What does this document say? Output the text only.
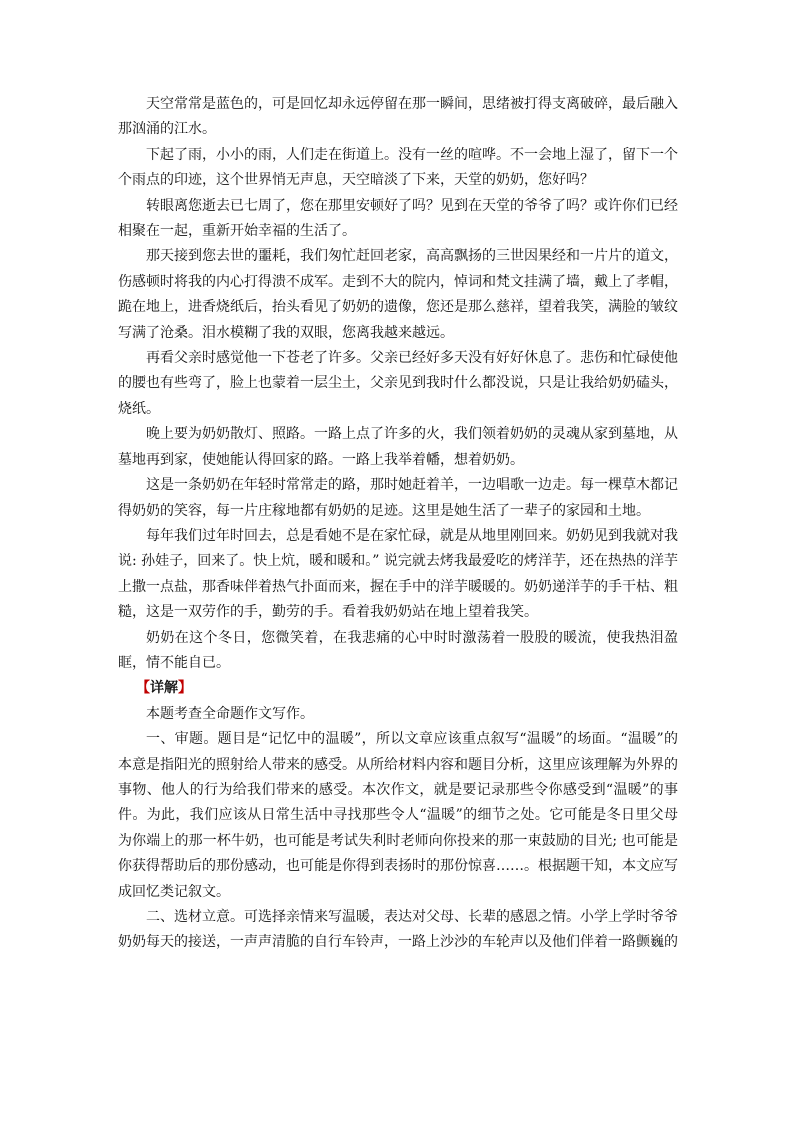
天空常常是蓝色的，可是回忆却永远停留在那一瞬间，思绪被打得支离破碎，最后融入那汹涌的江水。

下起了雨，小小的雨，人们走在街道上。没有一丝的喧哗。不一会地上湿了，留下一个个雨点的印迹，这个世界悄无声息，天空暗淡了下来，天堂的奶奶，您好吗？

转眼离您逝去已七周了，您在那里安顿好了吗？见到在天堂的爷爷了吗？或许你们已经相聚在一起，重新开始幸福的生活了。

那天接到您去世的噩耗，我们匆忙赶回老家，高高飘扬的三世因果经和一片片的道文，伤感顿时将我的内心打得溃不成军。走到不大的院内，悼词和梵文挂满了墙，戴上了孝帽，跪在地上，进香烧纸后，抬头看见了奶奶的遗像，您还是那么慈祥，望着我笑，满脸的皱纹写满了沧桑。泪水模糊了我的双眼，您离我越来越远。

再看父亲时感觉他一下苍老了许多。父亲已经好多天没有好好休息了。悲伤和忙碌使他的腰也有些弯了，脸上也蒙着一层尘土，父亲见到我时什么都没说，只是让我给奶奶磕头，烧纸。

晚上要为奶奶散灯、照路。一路上点了许多的火，我们领着奶奶的灵魂从家到墓地，从墓地再到家，使她能认得回家的路。一路上我举着幡，想着奶奶。

这是一条奶奶在年轻时常常走的路，那时她赶着羊，一边唱歌一边走。每一棵草木都记得奶奶的笑容，每一片庄稼地都有奶奶的足迹。这里是她生活了一辈子的家园和土地。

每年我们过年时回去，总是看她不是在家忙碌，就是从地里刚回来。奶奶见到我就对我说: 孙娃子，回来了。快上炕，暖和暖和。” 说完就去烤我最爱吃的烤洋芋，还在热热的洋芋上撒一点盐，那香味伴着热气扑面而来，握在手中的洋芋暖暖的。奶奶递洋芋的手干枯、粗糙，这是一双劳作的手，勤劳的手。看着我奶奶站在地上望着我笑。

奶奶在这个冬日，您微笑着，在我悲痛的心中时时激荡着一股股的暖流，使我热泪盈眶，情不能自已。

【详解】

本题考查全命题作文写作。

一、审题。题目是“记忆中的温暖”，所以文章应该重点叙写“温暖”的场面。“温暖”的本意是指阳光的照射给人带来的感受。从所给材料内容和题目分析，这里应该理解为外界的事物、他人的行为给我们带来的感受。本次作文，就是要记录那些令你感受到“温暖”的事件。为此，我们应该从日常生活中寻找那些令人“温暖”的细节之处。它可能是冬日里父母为你端上的那一杯牛奶，也可能是考试失利时老师向你投来的那一束鼓励的目光; 也可能是你获得帮助后的那份感动，也可能是你得到表扬时的那份惊喜……。根据题干知，本文应写成回忆类记叙文。

二、选材立意。可选择亲情来写温暖，表达对父母、长辈的感恩之情。小学上学时爷爷奶奶每天的接送，一声声清脆的自行车铃声，一路上沙沙的车轮声以及他们伴着一路颤巍的
